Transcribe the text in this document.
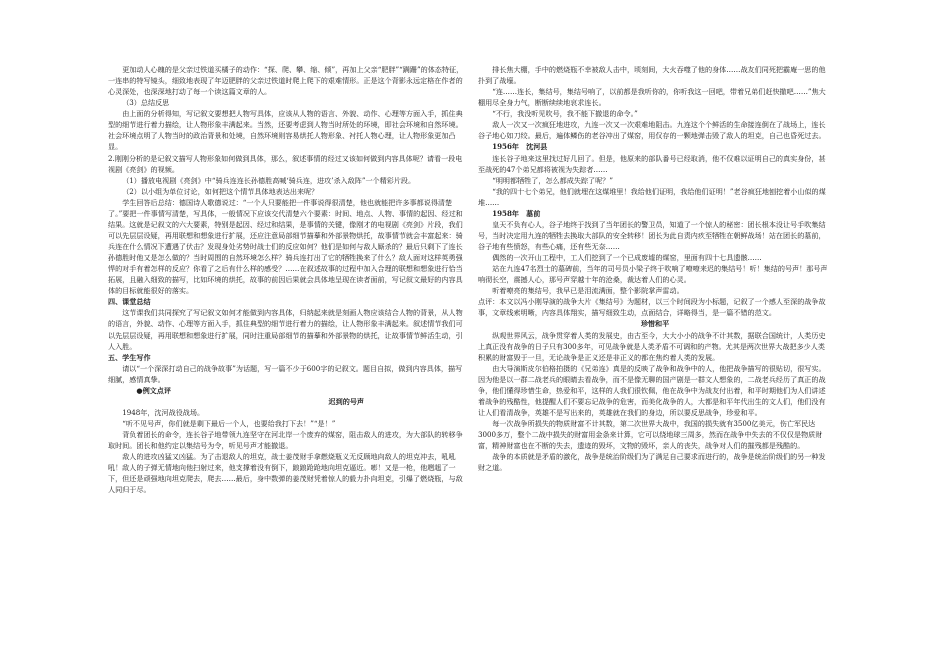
更加动人心魄的是父亲过铁道买橘子的动作：“探、爬、攀、缩、倾”，再加上父亲“肥胖”“蹒跚”的体态特征，一连串的特写镜头，细致地表现了年迈肥胖的父亲过铁道时爬上爬下的艰难情形。正是这个背影永远定格在作者的心灵深处，也深深地打动了每一个读这篇文章的人。

（3）总结反思

由上面的分析得知，写记叙文要想把人物写具体，应该从人物的语言、外貌、动作、心理等方面入手，抓住典型的细节进行着力描绘，让人物形象丰满起来。当然，还要考虑到人物当时所处的环境，即社会环境和自然环境。社会环境点明了人物当时的政治背景和处境，自然环境则容易烘托人物形象、衬托人物心理，让人物形象更加凸显。

2.刚刚分析的是记叙文描写人物形象如何做到具体，那么，叙述事情的经过又该如何做到内容具体呢？请看一段电视剧《亮剑》的视频。

（1）播放电视剧《亮剑》中“骑兵连连长孙德胜高喊‘骑兵连，进攻’杀入敌阵”一个精彩片段。

（2）以小组为单位讨论，如何把这个情节具体地表达出来呢？

学生回答后总结：德国诗人歌德说过：“一个人只要能把一件事说得很清楚，他也就能把许多事都说得清楚了。”要把一件事情写清楚，写具体，一般情况下应该交代清楚六个要素：时间、地点、人物、事情的起因、经过和结果。这就是记叙文的六大要素，特别是起因、经过和结果，是事情的关键，像刚才的电视剧《亮剑》片段，我们可以先层层设疑，再用联想和想象进行扩展，还应注意局部细节描摹和外部景物烘托，故事情节就会丰富起来：骑兵连在什么情况下遭遇了伏击？发现身处劣势时战士们的反应如何？他们是如何与敌人厮杀的？最后只剩下了连长孙德胜时他又是怎么做的？当时周围的自然环境怎么样？骑兵连打出了它的牺牲换来了什么？敌人面对这样英勇强悍的对手有着怎样的反应？你看了之后有什么样的感受？……在叙述故事的过程中加入合理的联想和想象进行恰当拓展，且融入细致的描写，比如环境的烘托，故事的前因后果就会具体地呈现在读者面前，写记叙文最好的内容具体的目标就能很好的落实。

四、课堂总结

这节课我们共同探究了写记叙文如何才能做到内容具体，归纳起来就是刻画人物应该结合人物的背景，从人物的语言，外貌、动作、心理等方面入手，抓住典型的细节进行着力的描绘，让人物形象丰满起来。叙述情节我们可以先层层设疑，再用联想和想象进行扩展，同时注重局部细节的描摹和外部景物的烘托，让故事情节鲜活生动，引人入胜。

五、学生写作

请以“一个深深打动自己的战争故事”为话题，写一篇不少于600字的记叙文。题目自拟，做到内容具体，描写细腻，感情真挚。

　　　　●例文点评

　　　　　　　　　　　　　　　　　迟到的号声

1948年，沈河战役战场。

“听不见号声，你们就是剩下最后一个人，也要给我打下去！”“是！”

背负着团长的命令，连长谷子地带领九连坚守在河北岸一个废弃的煤窑，阻击敌人的进攻，为大部队的转移争取时间。团长和他约定以集结号为令，听见号声才能撤退。

敌人的进攻凶猛又凶猛。为了击退敌人的坦克，战士姜茂财手拿燃烧瓶义无反顾地向敌人的坦克冲去，吼吼吼！敌人的子弹无情地向他扫射过来，他支撑着没有倒下，踉踉跄跄地向坦克逼近。嘭！又是一枪，他趔趄了一下，但还是顽强地向坦克爬去，爬去……最后，身中数弹的姜茂财凭着惊人的毅力扑向坦克，引爆了燃烧瓶，与敌人同归于尽。

排长焦大棚，手中的燃烧瓶不幸被敌人击中，顷刻间，大火吞噬了他的身体……战友们同死把霸庵一思的他扑到了战壕。

“连……连长，集结号，集结号响了，以前都是我听你的，你听我这一回吧，带着兄弟们赶快撤吧……”焦大棚用尽全身力气，断断续续地哀求连长。

“不行，我没听见吹号，我不能下撤退的命令。”

敌人一次又一次疯狂地进攻，九连一次又一次艰难地阻击。九连这个个鲜活的生命接连倒在了战场上，连长谷子地心如刀绞。最后，遍体鳞伤的老谷冲出了煤窑，用仅存的一颗地弹击毁了敌人的坦克，自己也昏死过去。

　　1956年　沈河县

连长谷子地来这里找过好几回了。但是，他原来的部队番号已经取消，他不仅难以证明自己的真实身份，甚至战死的47个弟兄都将被视为失踪者……

“明明都牺牲了，怎么都成失踪了呢？”

“我的四十七个弟兄，他们就埋在这煤堆里！我给他们证明，我给他们证明！”老谷疯狂地刨挖着小山似的煤堆……

　　1958年　墓前

皇天不负有心人，谷子地终于找到了当年团长的警卫员，知道了一个惊人的秘密：团长根本没让号手吹集结号，当时决定用九连的牺牲去换取大部队的安全转移！团长为此自责内疚至牺牲在朝鲜战场！站在团长的墓前，谷子地有些愤怒，有些心痛，还有些无奈……

偶然的一次开山工程中，工人们挖到了一个已成废墟的煤窑，里面有四十七具遗骸……

站在九连47名烈士的墓碑前，当年的司号员小梁子终于吹响了嘹嘹来迟的集结号！听！集结的号声！那号声响彻长空，震撼人心，那号声穿越十年的沧桑，裁达着人们的心灵。

听着嘹亮的集结号，我早已是泪流满面，整个影院掌声雷动。

点评：本文以冯小刚导演的战争大片《集结号》为题材，以三个时间段为小标题，记叙了一个感人至深的战争故事，文章线索明晰，内容具体翔实，描写细致生动，点面结合，详略得当，是一篇不错的范文。

珍惜和平

纵观世界风云，战争贯穿着人类的发展史，由古至今，大大小小的战争不计其数，据联合国统计，人类历史上真正没有战争的日子只有300多年，可见战争就是人类矛盾不可调和的产物。尤其是两次世界大战把多少人类积累的财富毁于一旦，无论战争是正义还是非正义的都在焦灼着人类的发展。

由大导演斯皮尔伯格拍摄的《兄弟连》真是的反映了战争和战争中的人，他把战争描写的很贴切，很写实。因为他是以一群二战老兵的眼睛去看战争，而不是像无聊的国产剧是一群文人想象的，二战老兵经历了真正的战争，他们懂得珍惜生命，热爱和平，这样的人我们很钦佩，他在战争中为战友付出着，和平时期他们为人们讲述着战争的残酷性，他提醒人们不要忘记战争的危害，而美化战争的人，大都是和平年代出生的文人们，他们没有让人们看清战争，英雄不是写出来的，英雄就在我们的身边，所以要反思战争，珍爱和平。

每一次战争所损失的物质财富不计其数，第二次世界大战中，我国的损失就有3500亿美元，伤亡军民达3000多万，整个二战中损失的财富用金条来计算，它可以绕地球三周多，然而在战争中失去的不仅仅是物质财富，精神财富也在不断的失去，遗迹的毁坏，文物的毁坏，亲人的丧失，战争对人们的摧残都是残酷的。

战争的本质就是矛盾的激化，战争是统治阶级们为了满足自己要求而进行的，战争是统治阶级们的另一种发财之道。
